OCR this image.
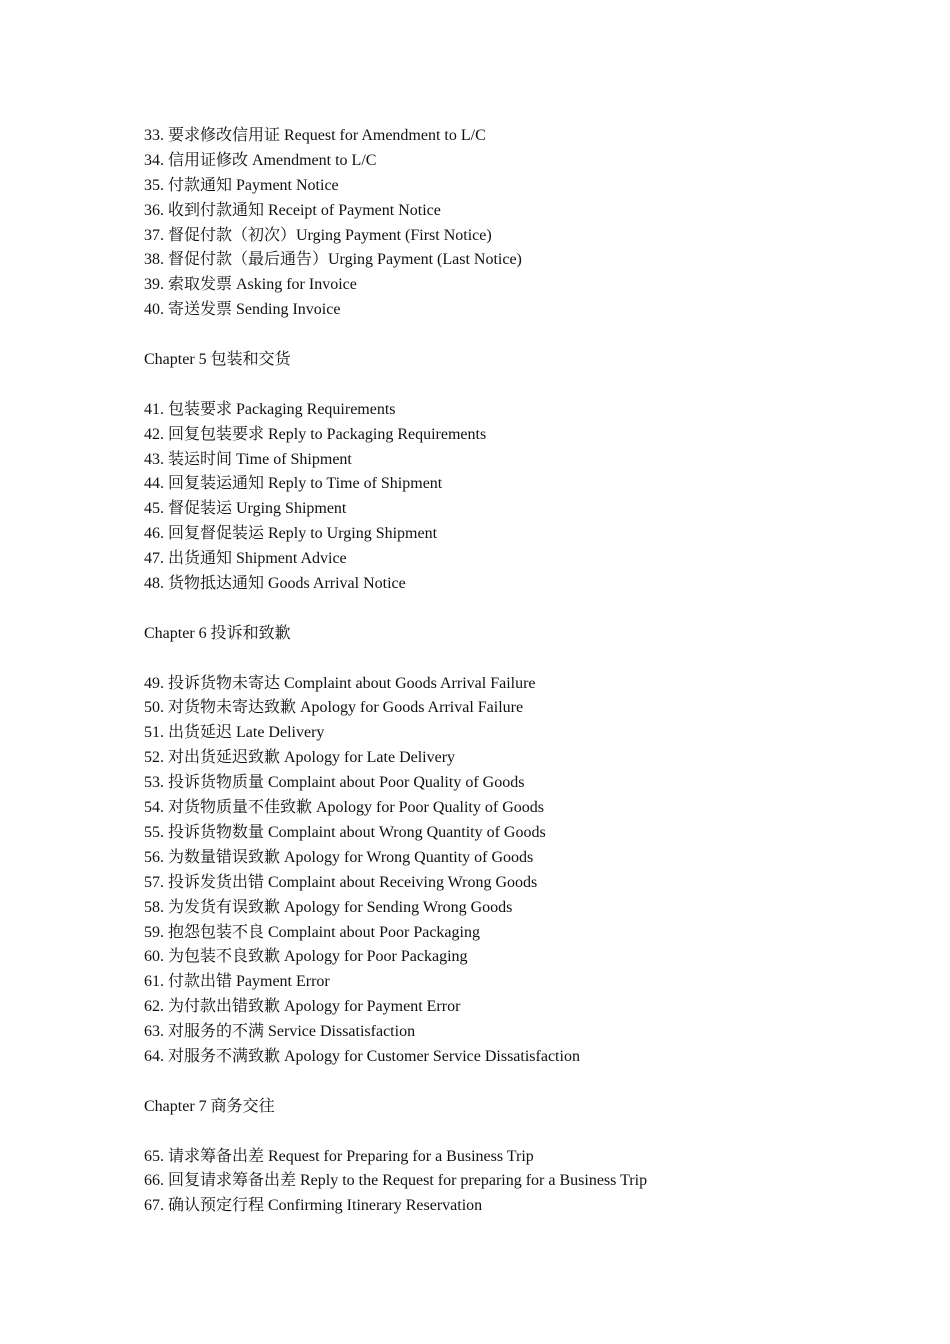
33. 要求修改信用证 Request for Amendment to L/C
34. 信用证修改 Amendment to L/C
35. 付款通知 Payment Notice
36. 收到付款通知 Receipt of Payment Notice
37. 督促付款（初次）Urging Payment (First Notice)
38. 督促付款（最后通告）Urging Payment (Last Notice)
39. 索取发票 Asking for Invoice
40. 寄送发票 Sending Invoice
Chapter 5 包装和交货
41. 包装要求 Packaging Requirements
42. 回复包装要求 Reply to Packaging Requirements
43. 装运时间 Time of Shipment
44. 回复装运通知 Reply to Time of Shipment
45. 督促装运 Urging Shipment
46. 回复督促装运 Reply to Urging Shipment
47. 出货通知 Shipment Advice
48. 货物抵达通知 Goods Arrival Notice
Chapter 6 投诉和致歉
49. 投诉货物未寄达 Complaint about Goods Arrival Failure
50. 对货物未寄达致歉 Apology for Goods Arrival Failure
51. 出货延迟 Late Delivery
52. 对出货延迟致歉 Apology for Late Delivery
53. 投诉货物质量 Complaint about Poor Quality of Goods
54. 对货物质量不佳致歉 Apology for Poor Quality of Goods
55. 投诉货物数量 Complaint about Wrong Quantity of Goods
56. 为数量错误致歉 Apology for Wrong Quantity of Goods
57. 投诉发货出错 Complaint about Receiving Wrong Goods
58. 为发货有误致歉 Apology for Sending Wrong Goods
59. 抱怨包装不良 Complaint about Poor Packaging
60. 为包装不良致歉 Apology for Poor Packaging
61. 付款出错 Payment Error
62. 为付款出错致歉 Apology for Payment Error
63. 对服务的不满 Service Dissatisfaction
64. 对服务不满致歉 Apology for Customer Service Dissatisfaction
Chapter 7 商务交往
65. 请求筹备出差 Request for Preparing for a Business Trip
66. 回复请求筹备出差 Reply to the Request for preparing for a Business Trip
67. 确认预定行程 Confirming Itinerary Reservation
